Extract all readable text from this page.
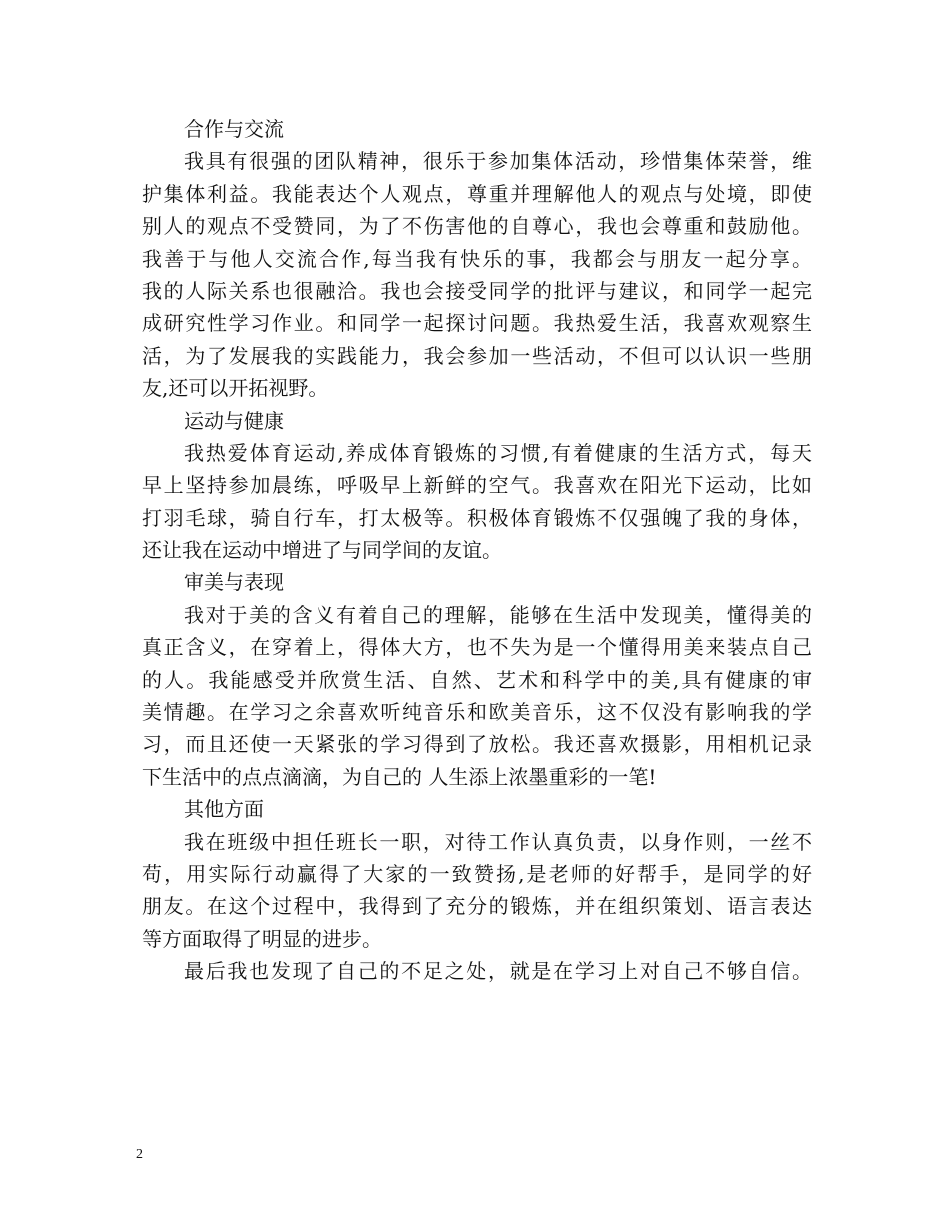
合作与交流
我具有很强的团队精神，很乐于参加集体活动，珍惜集体荣誉，维
护集体利益。我能表达个人观点，尊重并理解他人的观点与处境，即使
别人的观点不受赞同，为了不伤害他的自尊心，我也会尊重和鼓励他。
我善于与他人交流合作,每当我有快乐的事，我都会与朋友一起分享。
我的人际关系也很融洽。我也会接受同学的批评与建议，和同学一起完
成研究性学习作业。和同学一起探讨问题。我热爱生活，我喜欢观察生
活，为了发展我的实践能力，我会参加一些活动，不但可以认识一些朋
友,还可以开拓视野。
运动与健康
我热爱体育运动,养成体育锻炼的习惯,有着健康的生活方式，每天
早上坚持参加晨练，呼吸早上新鲜的空气。我喜欢在阳光下运动，比如
打羽毛球，骑自行车，打太极等。积极体育锻炼不仅强魄了我的身体，
还让我在运动中增进了与同学间的友谊。
审美与表现
我对于美的含义有着自己的理解，能够在生活中发现美，懂得美的
真正含义，在穿着上，得体大方，也不失为是一个懂得用美来装点自己
的人。我能感受并欣赏生活、自然、艺术和科学中的美,具有健康的审
美情趣。在学习之余喜欢听纯音乐和欧美音乐，这不仅没有影响我的学
习，而且还使一天紧张的学习得到了放松。我还喜欢摄影，用相机记录
下生活中的点点滴滴，为自己的 人生添上浓墨重彩的一笔!
其他方面
我在班级中担任班长一职，对待工作认真负责，以身作则，一丝不
苟，用实际行动赢得了大家的一致赞扬,是老师的好帮手，是同学的好
朋友。在这个过程中，我得到了充分的锻炼，并在组织策划、语言表达
等方面取得了明显的进步。
最后我也发现了自己的不足之处，就是在学习上对自己不够自信。
2
